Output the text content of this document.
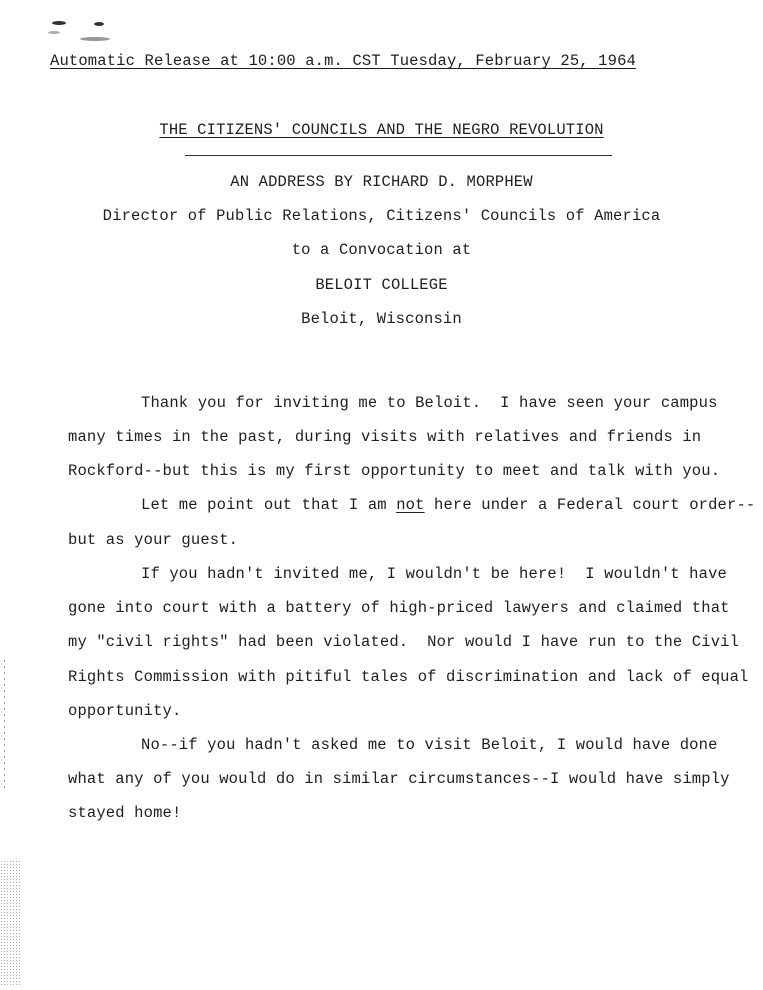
Automatic Release at 10:00 a.m. CST Tuesday, February 25, 1964
THE CITIZENS' COUNCILS AND THE NEGRO REVOLUTION
AN ADDRESS BY RICHARD D. MORPHEW
Director of Public Relations, Citizens' Councils of America
to a Convocation at
BELOIT COLLEGE
Beloit, Wisconsin
Thank you for inviting me to Beloit.  I have seen your campus
many times in the past, during visits with relatives and friends in
Rockford--but this is my first opportunity to meet and talk with you.
Let me point out that I am not here under a Federal court order--
but as your guest.
If you hadn't invited me, I wouldn't be here!  I wouldn't have
gone into court with a battery of high-priced lawyers and claimed that
my "civil rights" had been violated.  Nor would I have run to the Civil
Rights Commission with pitiful tales of discrimination and lack of equal
opportunity.
No--if you hadn't asked me to visit Beloit, I would have done
what any of you would do in similar circumstances--I would have simply
stayed home!
